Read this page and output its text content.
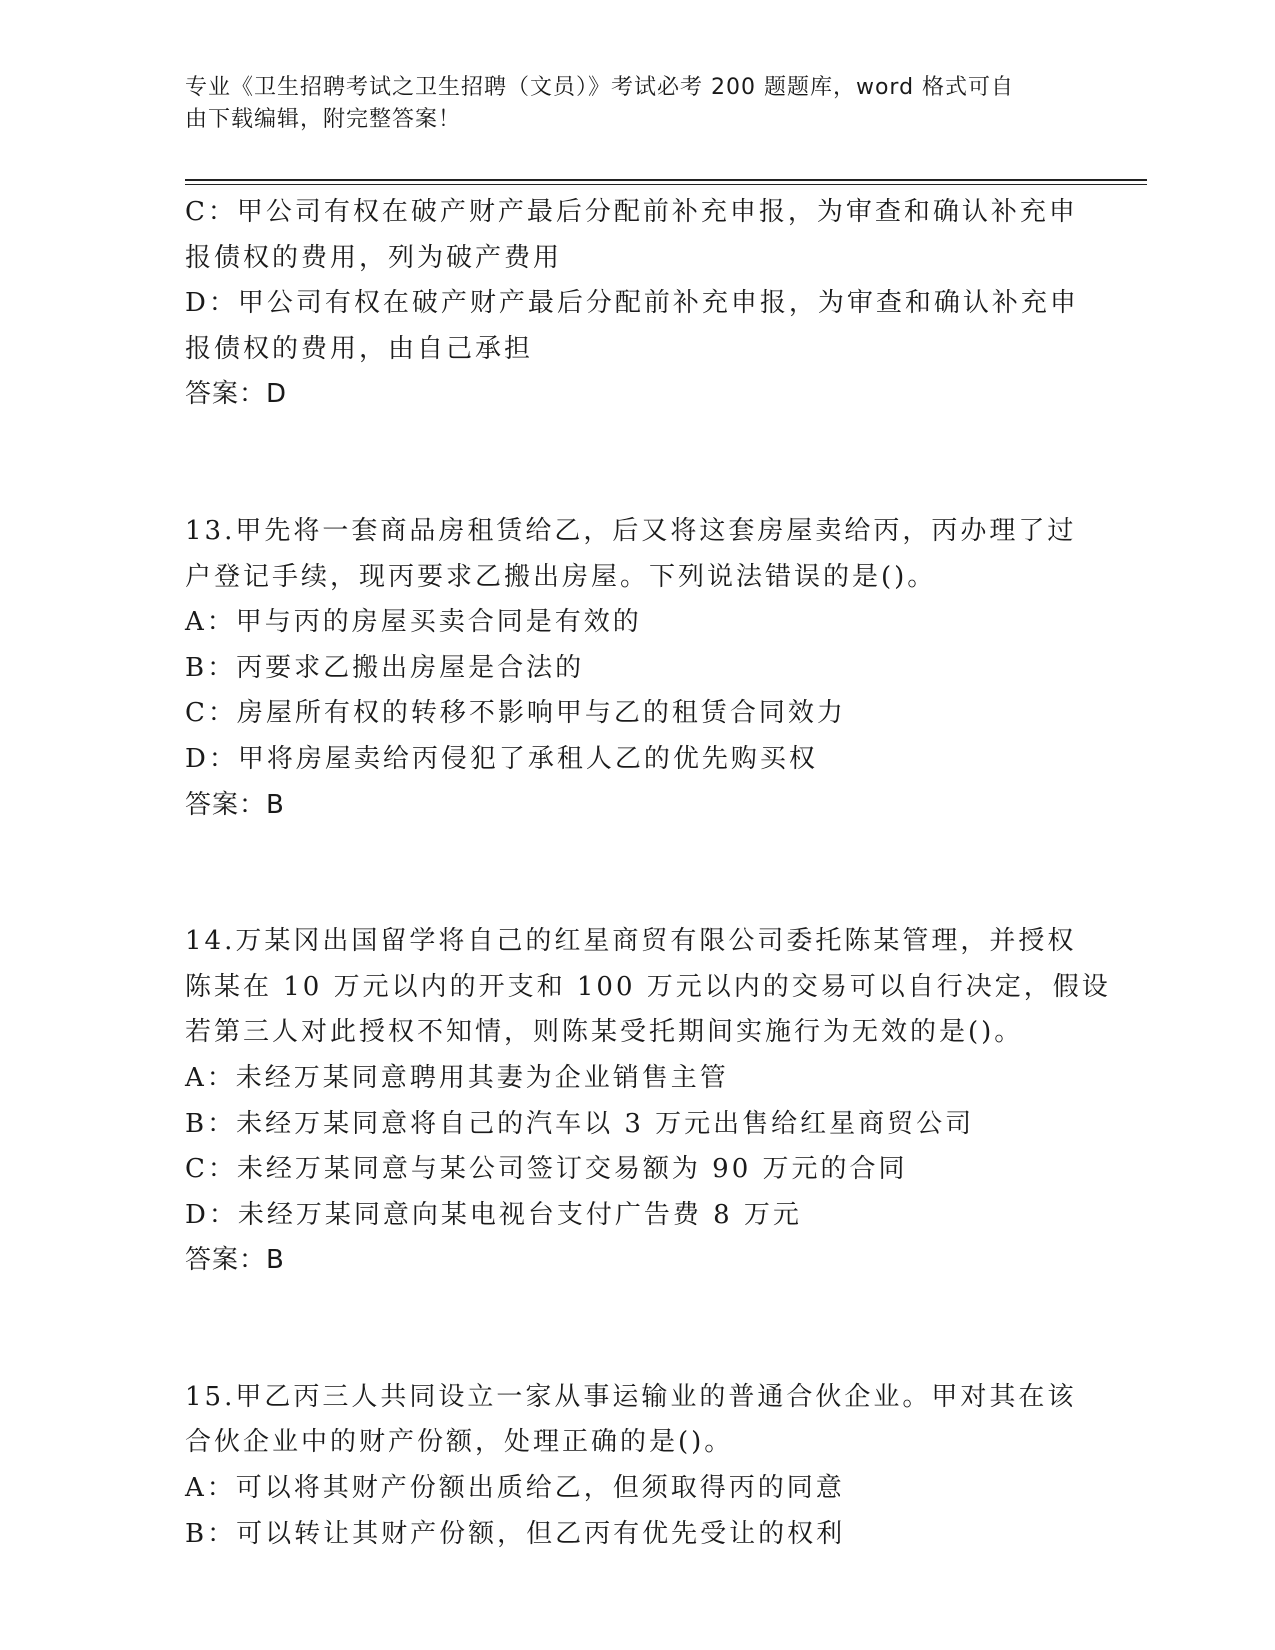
专业《卫生招聘考试之卫生招聘（文员）》考试必考 200 题题库，word 格式可自
由下载编辑，附完整答案！
C：甲公司有权在破产财产最后分配前补充申报，为审查和确认补充申
报债权的费用，列为破产费用
D：甲公司有权在破产财产最后分配前补充申报，为审查和确认补充申
报债权的费用，由自己承担
答案：D
13.甲先将一套商品房租赁给乙，后又将这套房屋卖给丙，丙办理了过
户登记手续，现丙要求乙搬出房屋。下列说法错误的是()。
A：甲与丙的房屋买卖合同是有效的
B：丙要求乙搬出房屋是合法的
C：房屋所有权的转移不影响甲与乙的租赁合同效力
D：甲将房屋卖给丙侵犯了承租人乙的优先购买权
答案：B
14.万某冈出国留学将自己的红星商贸有限公司委托陈某管理，并授权
陈某在 10 万元以内的开支和 100 万元以内的交易可以自行决定，假设
若第三人对此授权不知情，则陈某受托期间实施行为无效的是()。
A：未经万某同意聘用其妻为企业销售主管
B：未经万某同意将自己的汽车以 3 万元出售给红星商贸公司
C：未经万某同意与某公司签订交易额为 90 万元的合同
D：未经万某同意向某电视台支付广告费 8 万元
答案：B
15.甲乙丙三人共同设立一家从事运输业的普通合伙企业。甲对其在该
合伙企业中的财产份额，处理正确的是()。
A：可以将其财产份额出质给乙，但须取得丙的同意
B：可以转让其财产份额，但乙丙有优先受让的权利
